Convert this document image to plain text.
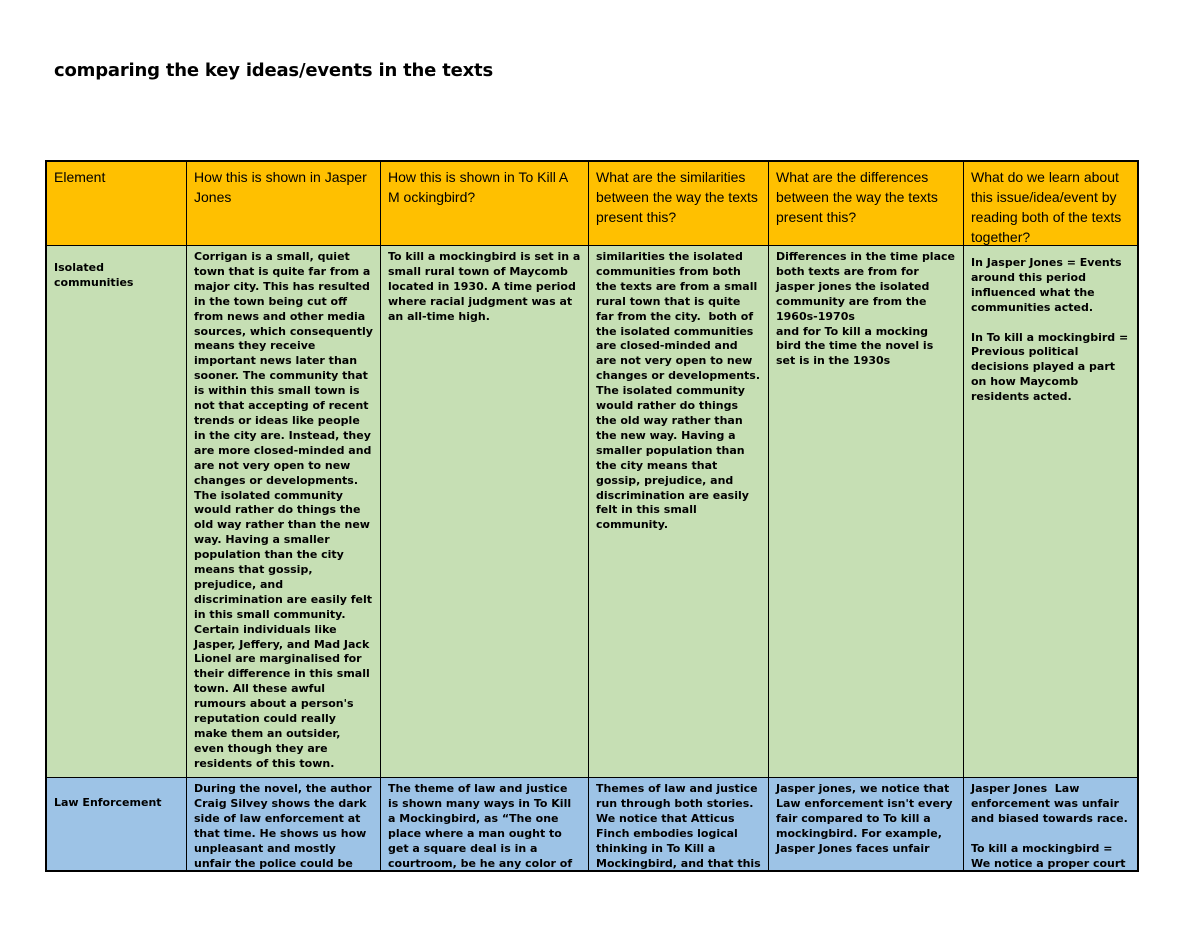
comparing the key ideas/events in the texts
Element	How this is shown in Jasper Jones
How this is shown in To Kill A M ockingbird?
What are the similarities between the way the texts present this?
What are the differences between the way the texts present this?
What do we learn about this issue/idea/event by reading both of the texts together?
Isolated communities
Corrigan is a small, quiet town that is quite far from a major city. This has resulted in the town being cut off from news and other media sources, which consequently means they receive important news later than sooner. The community that is within this small town is not that accepting of recent trends or ideas like people in the city are. Instead, they are more closed-minded and are not very open to new changes or developments. The isolated community would rather do things the old way rather than the new way. Having a smaller population than the city means that gossip, prejudice, and discrimination are easily felt in this small community. Certain individuals like Jasper, Jeffery, and Mad Jack Lionel are marginalised for their difference in this small town. All these awful rumours about a person's reputation could really make them an outsider, even though they are residents of this town.
To kill a mockingbird is set in a small rural town of Maycomb located in 1930. A time period where racial judgment was at an all-time high.
similarities the isolated communities from both the texts are from a small rural town that is quite far from the city.  both of the isolated communities are closed-minded and are not very open to new changes or developments. The isolated community would rather do things the old way rather than the new way. Having a smaller population than the city means that gossip, prejudice, and discrimination are easily felt in this small community.
Differences in the time place both texts are from for jasper jones the isolated community are from the 1960s-1970s
and for To kill a mocking bird the time the novel is set is in the 1930s
In Jasper Jones = Events around this period influenced what the communities acted.

In To kill a mockingbird = Previous political decisions played a part on how Maycomb residents acted.
Law Enforcement
During the novel, the author Craig Silvey shows the dark side of law enforcement at that time. He shows us how unpleasant and mostly unfair the police could be
The theme of law and justice is shown many ways in To Kill a Mockingbird, as “The one place where a man ought to get a square deal is in a courtroom, be he any color of
Themes of law and justice run through both stories. We notice that Atticus Finch embodies logical thinking in To Kill a Mockingbird, and that this
Jasper jones, we notice that Law enforcement isn't every fair compared to To kill a mockingbird. For example, Jasper Jones faces unfair
Jasper Jones  Law enforcement was unfair and biased towards race.

To kill a mockingbird = We notice a proper court
